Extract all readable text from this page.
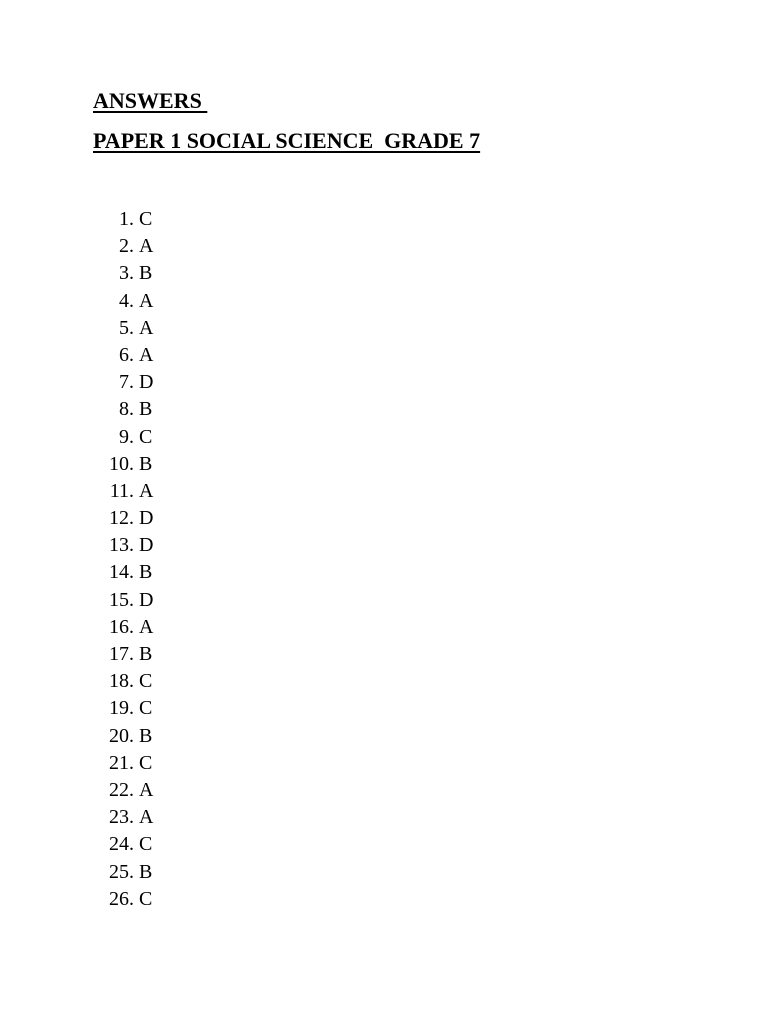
ANSWERS
PAPER 1 SOCIAL SCIENCE  GRADE 7
1. C
2. A
3. B
4. A
5. A
6. A
7. D
8. B
9. C
10. B
11. A
12. D
13. D
14. B
15. D
16. A
17. B
18. C
19. C
20. B
21. C
22. A
23. A
24. C
25. B
26. C
